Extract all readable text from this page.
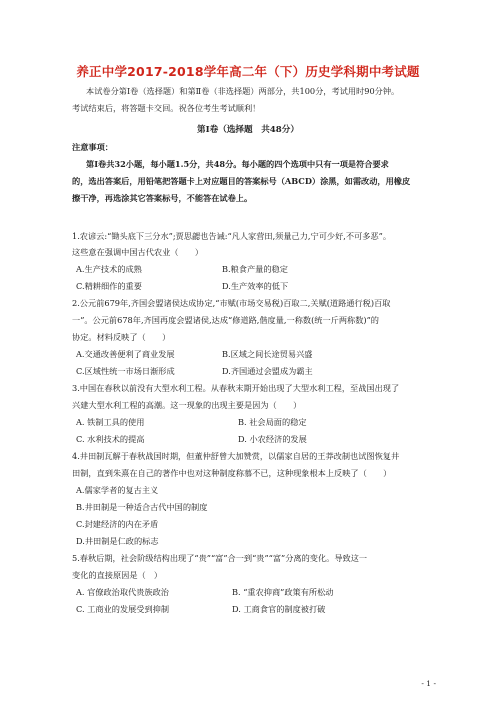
养正中学2017-2018学年高二年（下）历史学科期中考试题
本试卷分第Ⅰ卷（选择题）和第Ⅱ卷（非选择题）两部分，共100分，考试用时90分钟。
考试结束后，将答题卡交回。祝各位考生考试顺利！
第Ⅰ卷（选择题　共48分）
注意事项：
第Ⅰ卷共32小题，每小题1.5分，共48分。每小题的四个选项中只有一项是符合要求
的，选出答案后，用铅笔把答题卡上对应题目的答案标号（ABCD）涂黑，如需改动，用橡皮
擦干净，再选涂其它答案标号，不能答在试卷上。
1.农谚云:“锄头底下三分水”;贾思勰也告诫:“凡人家营田,须量己力,宁可少好,不可多恶”。
这些意在强调中国古代农业（　　）
A.生产技术的成熟	B.粮食产量的稳定
C.精耕细作的重要	D.生产效率的低下
2.公元前679年,齐国会盟诸侯达成协定,“市赋(市场交易税)百取二,关赋(道路通行税)百取
一”。公元前678年,齐国再度会盟诸侯,达成“修道路,偕度量,一称数(统一斤两称数)”的
协定。材料反映了（　　）
A.交通改善便利了商业发展	B.区域之间长途贸易兴盛
C.区域性统一市场日渐形成	D.齐国通过会盟成为霸主
3.中国在春秋以前没有大型水利工程。从春秋末期开始出现了大型水利工程，至战国出现了
兴建大型水利工程的高潮。这一现象的出现主要是因为（　　）
A. 铁制工具的使用	B. 社会局面的稳定
C. 水利技术的提高	D. 小农经济的发展
4.井田制瓦解于春秋战国时期，但董仲舒曾大加赞赏，以儒家自居的王莽改制也试图恢复井
田制，直到朱熹在自己的著作中也对这种制度称慕不已，这种现象根本上反映了（　　）
A.儒家学者的复古主义
B.井田制是一种适合古代中国的制度
C.封建经济的内在矛盾
D.井田制是仁政的标志
5.春秋后期，社会阶级结构出现了“贵”“富”合一到“贵”“富”分离的变化。导致这一
变化的直接原因是（　）
A. 官僚政治取代贵族政治	B. “重农抑商”政策有所松动
C. 工商业的发展受到抑制	D. 工商食官的制度被打破
- 1 -
